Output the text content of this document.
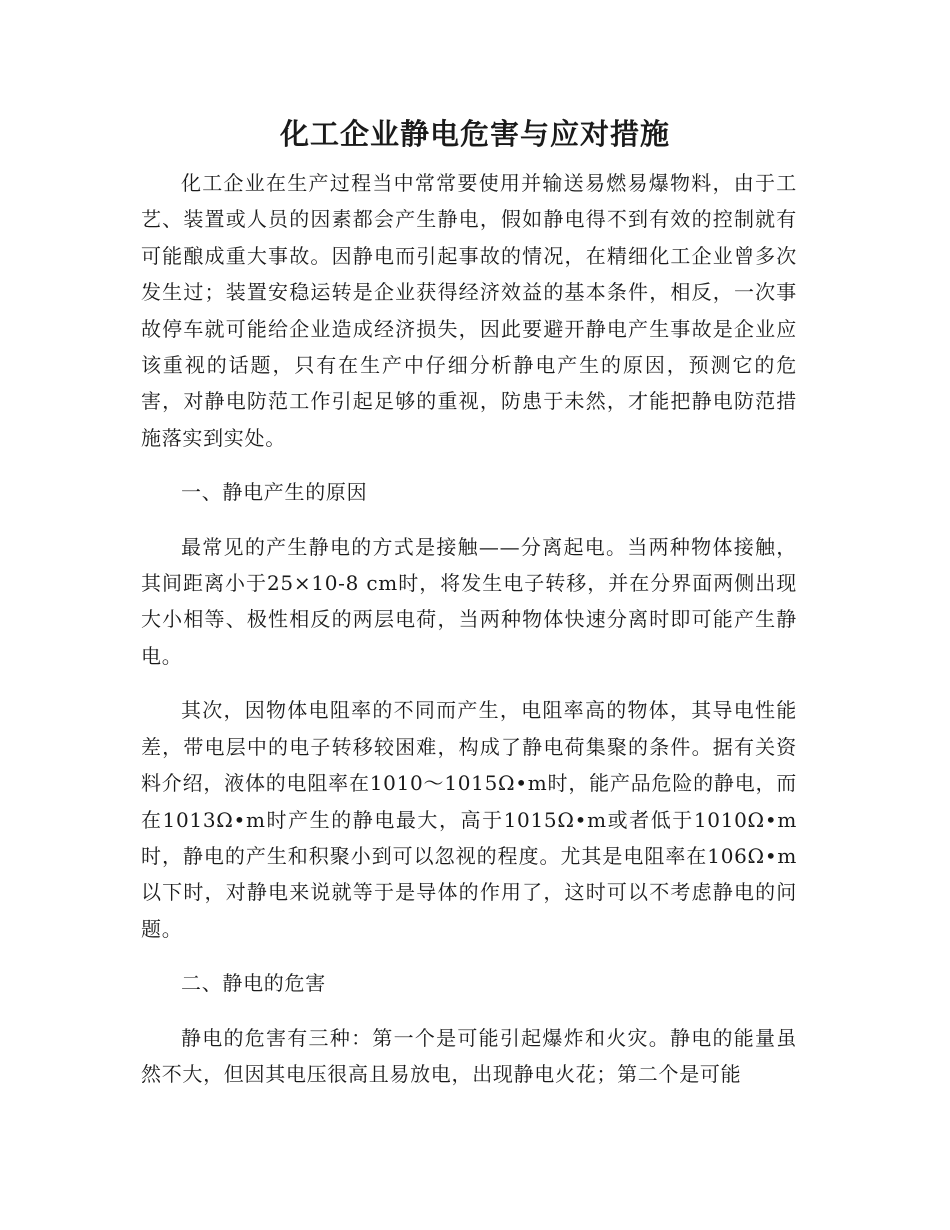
化工企业静电危害与应对措施

化工企业在生产过程当中常常要使用并输送易燃易爆物料，由于工艺、装置或人员的因素都会产生静电，假如静电得不到有效的控制就有可能酿成重大事故。因静电而引起事故的情况，在精细化工企业曾多次发生过；装置安稳运转是企业获得经济效益的基本条件，相反，一次事故停车就可能给企业造成经济损失，因此要避开静电产生事故是企业应该重视的话题，只有在生产中仔细分析静电产生的原因，预测它的危害，对静电防范工作引起足够的重视，防患于未然，才能把静电防范措施落实到实处。

一、静电产生的原因

最常见的产生静电的方式是接触——分离起电。当两种物体接触，其间距离小于25×10-8 cm时，将发生电子转移，并在分界面两侧出现大小相等、极性相反的两层电荷，当两种物体快速分离时即可能产生静电。

其次，因物体电阻率的不同而产生，电阻率高的物体，其导电性能差，带电层中的电子转移较困难，构成了静电荷集聚的条件。据有关资料介绍，液体的电阻率在1010～1015Ω•m时，能产品危险的静电，而在1013Ω•m时产生的静电最大，高于1015Ω•m或者低于1010Ω•m时，静电的产生和积聚小到可以忽视的程度。尤其是电阻率在106Ω•m以下时，对静电来说就等于是导体的作用了，这时可以不考虑静电的问题。

二、静电的危害

静电的危害有三种：第一个是可能引起爆炸和火灾。静电的能量虽然不大，但因其电压很高且易放电，出现静电火花；第二个是可能
